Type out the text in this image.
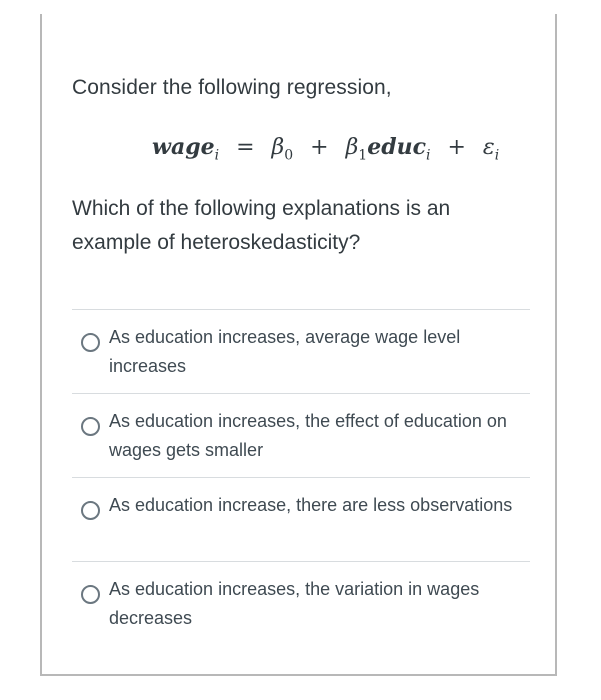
Consider the following regression,
wage$_i$ = $\beta_0$ + $\beta_1educ_i + \varepsilon_i$
Which of the following explanations is an example of heteroskedasticity?
As education increases, average wage level increases
As education increases, the effect of education on wages gets smaller
As education increase, there are less observations
As education increases, the variation in wages decreases
